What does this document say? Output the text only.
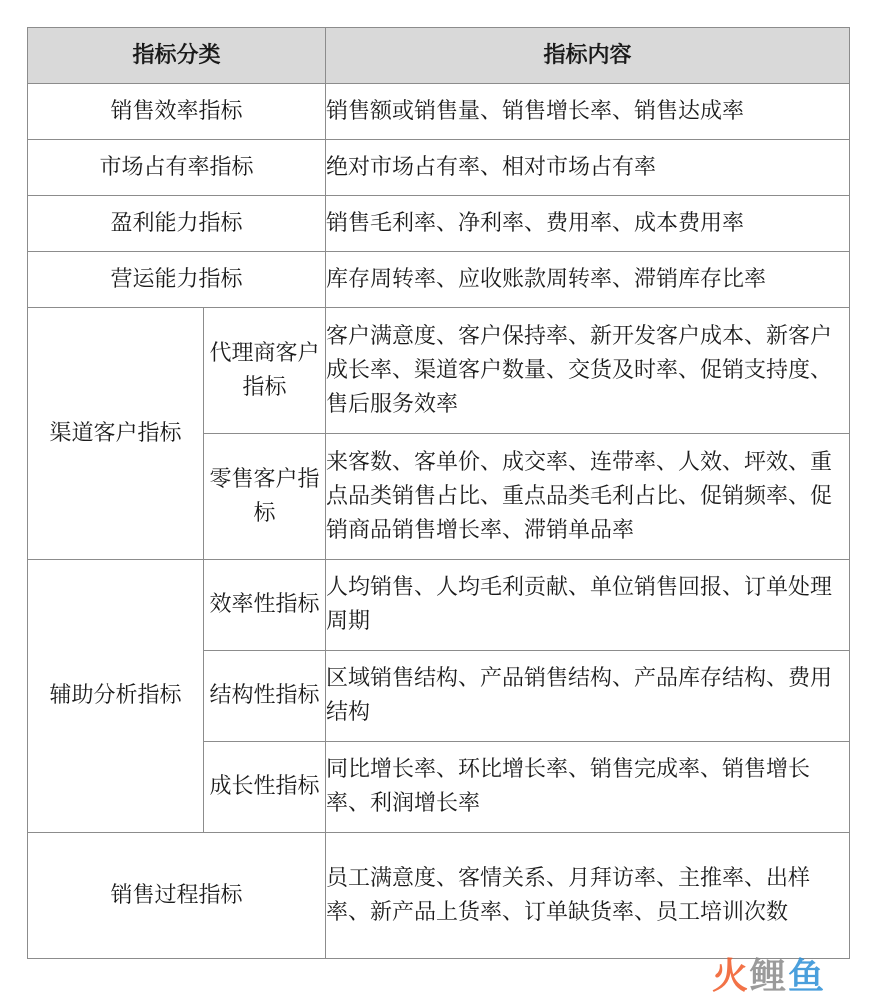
指标分类		指标内容
销售效率指标		销售额或销售量、销售增长率、销售达成率
市场占有率指标		绝对市场占有率、相对市场占有率
盈利能力指标		销售毛利率、净利率、费用率、成本费用率
营运能力指标		库存周转率、应收账款周转率、滞销库存比率
渠道客户指标	代理商客户指标	客户满意度、客户保持率、新开发客户成本、新客户成长率、渠道客户数量、交货及时率、促销支持度、售后服务效率
	零售客户指标	来客数、客单价、成交率、连带率、人效、坪效、重点品类销售占比、重点品类毛利占比、促销频率、促销商品销售增长率、滞销单品率
辅助分析指标	效率性指标	人均销售、人均毛利贡献、单位销售回报、订单处理周期
	结构性指标	区域销售结构、产品销售结构、产品库存结构、费用结构
	成长性指标	同比增长率、环比增长率、销售完成率、销售增长率、利润增长率
销售过程指标		员工满意度、客情关系、月拜访率、主推率、出样率、新产品上货率、订单缺货率、员工培训次数
火 鲤 鱼
